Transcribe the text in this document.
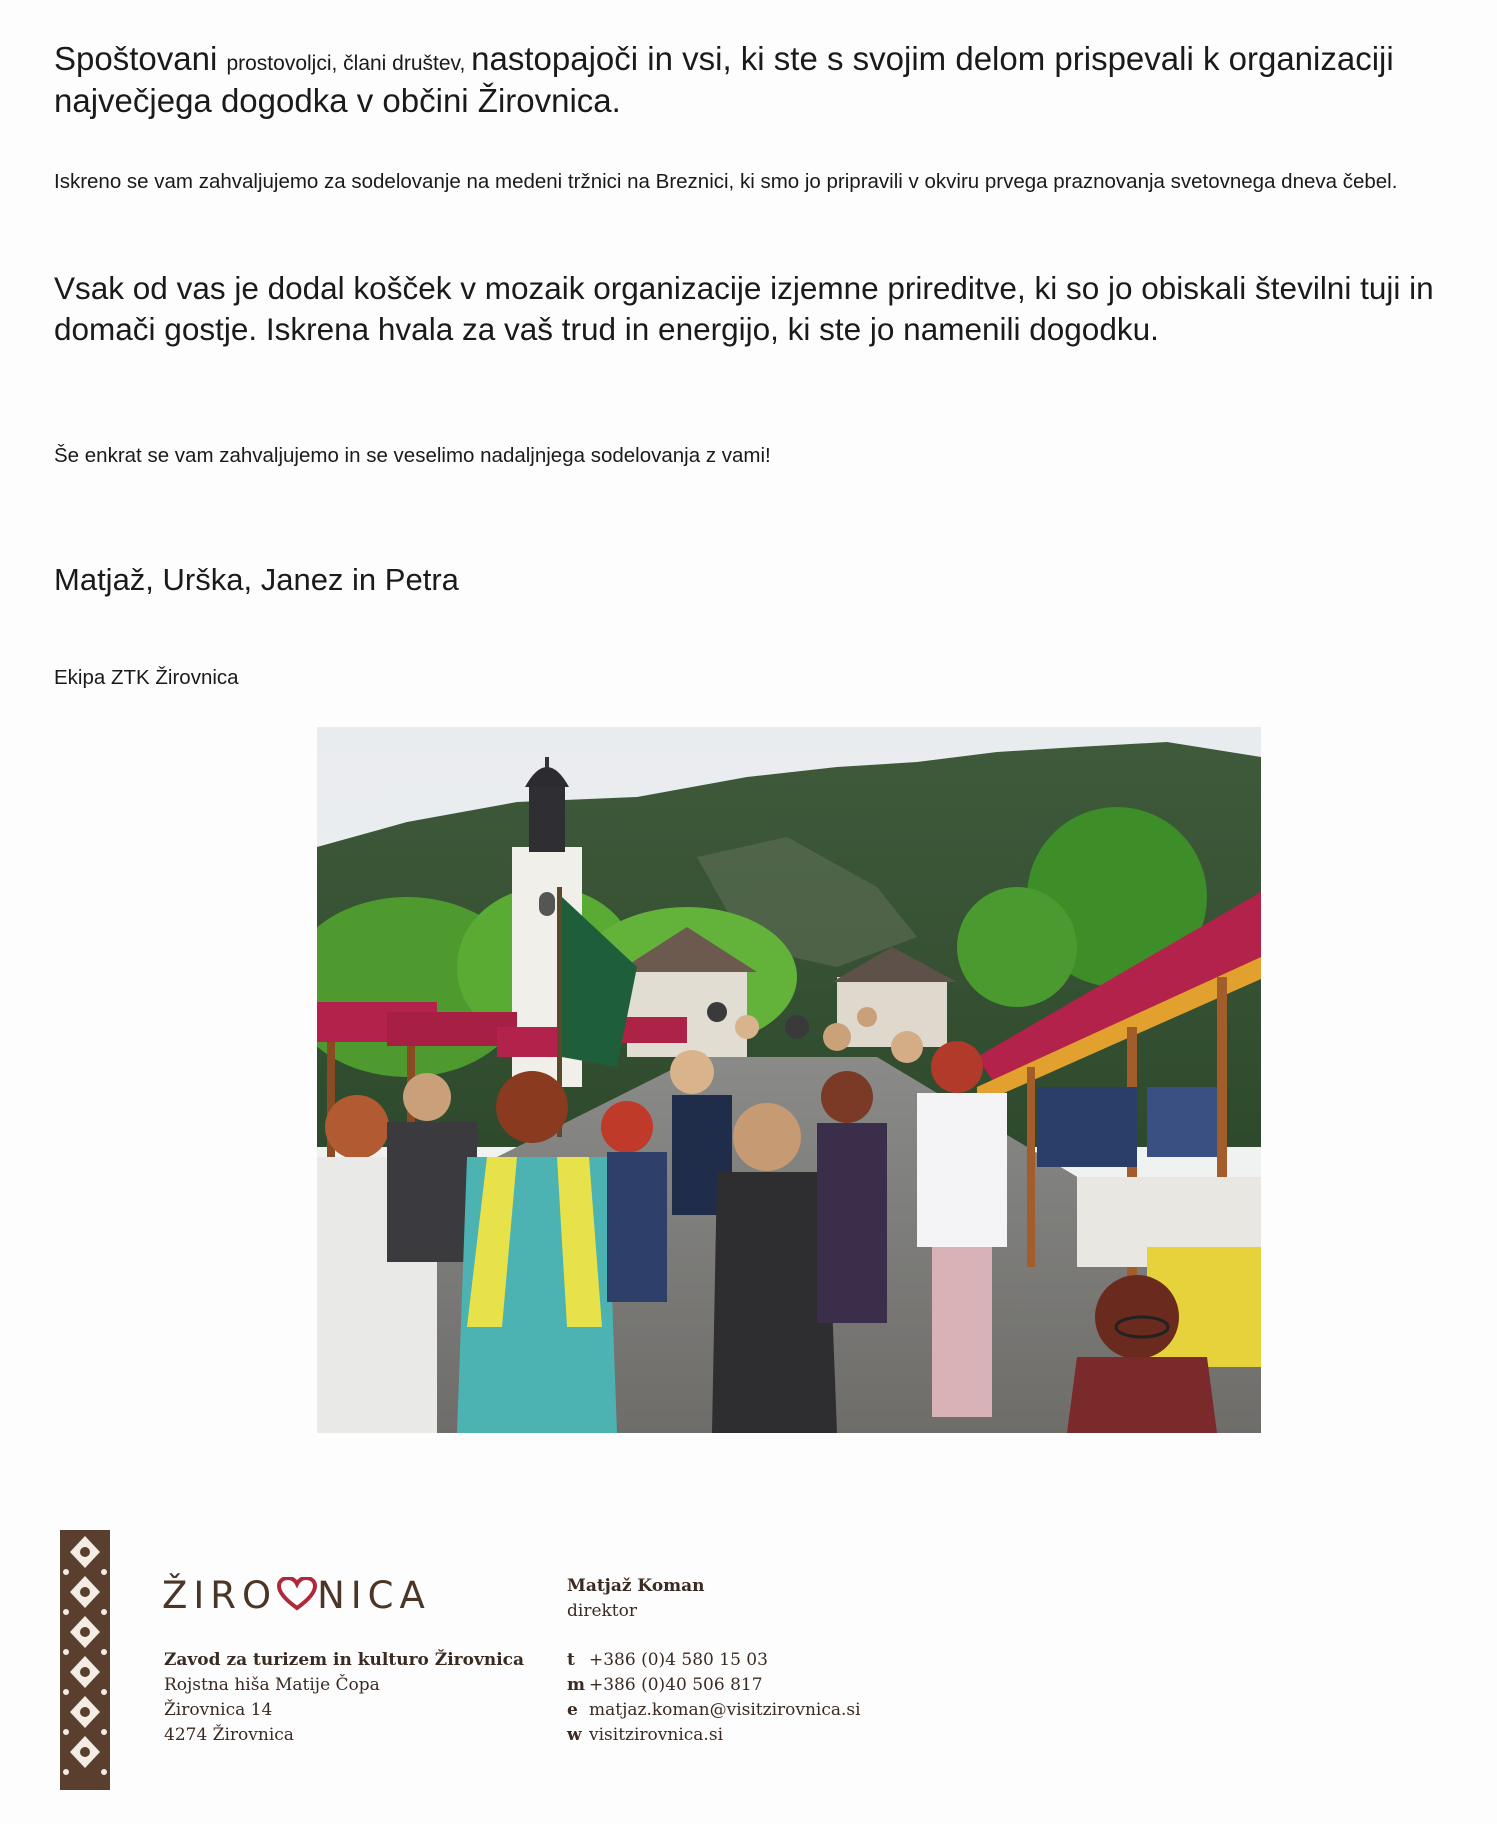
Spoštovani prostovoljci, člani društev, nastopajoči in vsi, ki ste s svojim delom prispevali k organizaciji največjega dogodka v občini Žirovnica.

Iskreno se vam zahvaljujemo za sodelovanje na medeni tržnici na Breznici, ki smo jo pripravili v okviru prvega praznovanja svetovnega dneva čebel.

Vsak od vas je dodal košček v mozaik organizacije izjemne prireditve, ki so jo obiskali številni tuji in domači gostje. Iskrena hvala za vaš trud in energijo, ki ste jo namenili dogodku.

Še enkrat se vam zahvaljujemo in se veselimo nadaljnjega sodelovanja z vami!

Matjaž, Urška, Janez in Petra

Ekipa ZTK Žirovnica

ŽIRO NICA
Zavod za turizem in kulturo Žirovnica
Rojstna hiša Matije Čopa
Žirovnica 14
4274 Žirovnica
Matjaž Koman
direktor
t +386 (0)4 580 15 03
m +386 (0)40 506 817
e matjaz.koman@visitzirovnica.si
w visitzirovnica.si
